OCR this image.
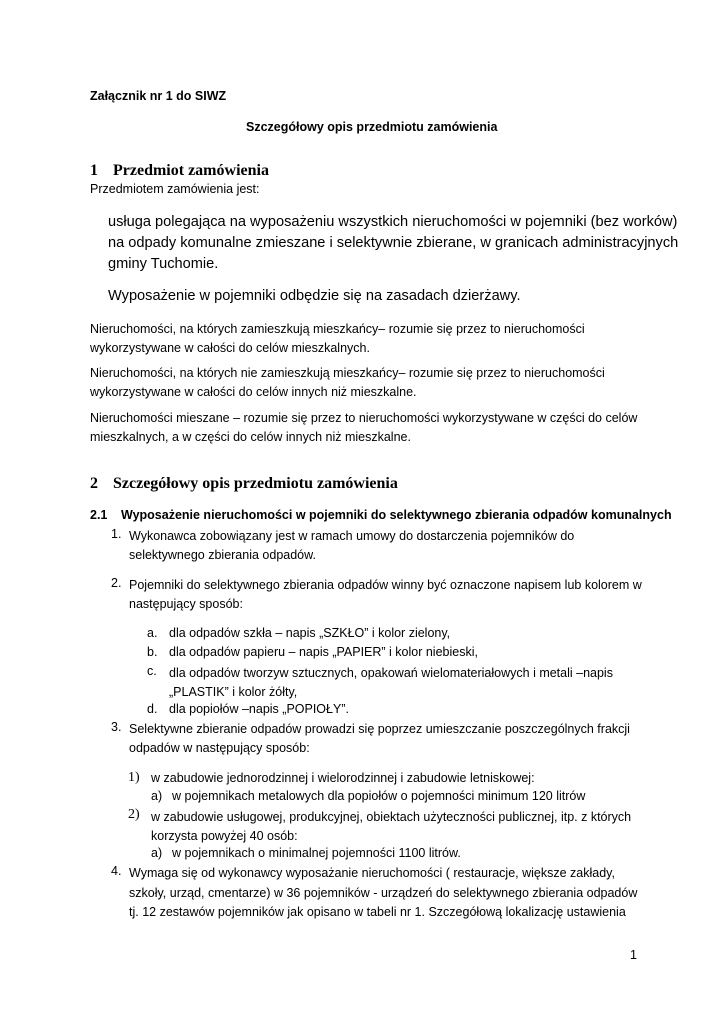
Załącznik nr 1 do SIWZ
Szczegółowy opis przedmiotu zamówienia
1 Przedmiot zamówienia
Przedmiotem zamówienia jest:
usługa polegająca na wyposażeniu wszystkich nieruchomości w pojemniki (bez worków)
na odpady komunalne zmieszane i selektywnie zbierane, w granicach administracyjnych
gminy Tuchomie.
Wyposażenie w pojemniki odbędzie się na zasadach dzierżawy.
Nieruchomości, na których zamieszkują mieszkańcy– rozumie się przez to nieruchomości
wykorzystywane w całości do celów mieszkalnych.
Nieruchomości, na których nie zamieszkują mieszkańcy– rozumie się przez to nieruchomości
wykorzystywane w całości do celów innych niż mieszkalne.
Nieruchomości mieszane – rozumie się przez to nieruchomości wykorzystywane w części do celów
mieszkalnych, a w części do celów innych niż mieszkalne.
2 Szczegółowy opis przedmiotu zamówienia
2.1 Wyposażenie nieruchomości w pojemniki do selektywnego zbierania odpadów komunalnych
1. Wykonawca zobowiązany jest w ramach umowy do dostarczenia pojemników do
selektywnego zbierania odpadów.
2. Pojemniki do selektywnego zbierania odpadów winny być oznaczone napisem lub kolorem w
następujący sposób:
a. dla odpadów szkła – napis „SZKŁO” i kolor zielony,
b. dla odpadów papieru – napis „PAPIER” i kolor niebieski,
c. dla odpadów tworzyw sztucznych, opakowań wielomateriałowych i metali –napis
„PLASTIK” i kolor żółty,
d. dla popiołów –napis „POPIOŁY”.
3. Selektywne zbieranie odpadów prowadzi się poprzez umieszczanie poszczególnych frakcji
odpadów w następujący sposób:
1) w zabudowie jednorodzinnej i wielorodzinnej i zabudowie letniskowej:
a) w pojemnikach metalowych dla popiołów o pojemności minimum 120 litrów
2) w zabudowie usługowej, produkcyjnej, obiektach użyteczności publicznej, itp. z których
korzysta powyżej 40 osób:
a) w pojemnikach o minimalnej pojemności 1100 litrów.
4. Wymaga się od wykonawcy wyposażanie nieruchomości ( restauracje, większe zakłady,
szkoły, urząd, cmentarze) w 36 pojemników - urządzeń do selektywnego zbierania odpadów
tj. 12 zestawów pojemników jak opisano w tabeli nr 1. Szczegółową lokalizację ustawienia
1
